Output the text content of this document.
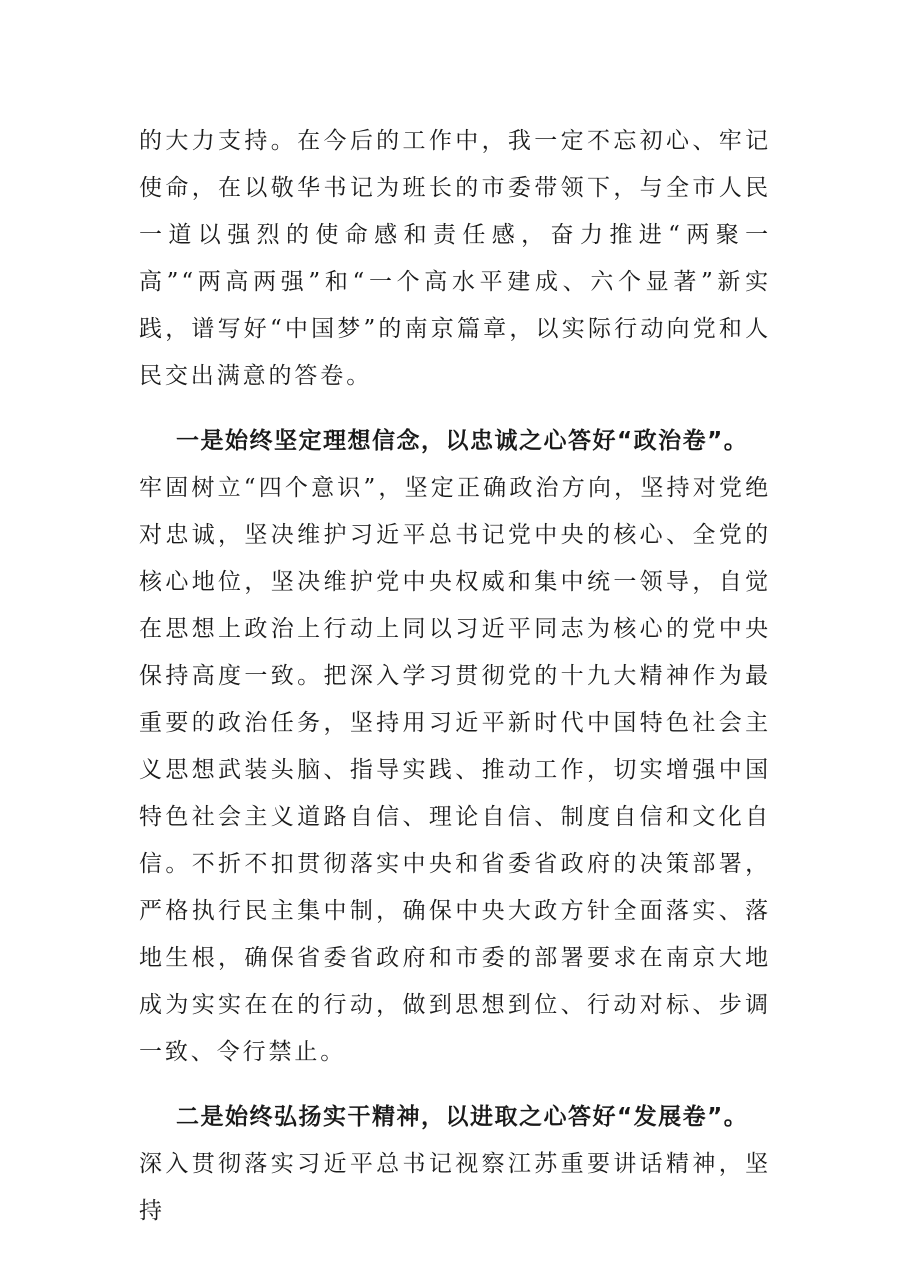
的大力支持。在今后的工作中，我一定不忘初心、牢记使命，在以敬华书记为班长的市委带领下，与全市人民一道以强烈的使命感和责任感，奋力推进“两聚一高”“两高两强”和“一个高水平建成、六个显著”新实践，谱写好“中国梦”的南京篇章，以实际行动向党和人民交出满意的答卷。

一是始终坚定理想信念，以忠诚之心答好“政治卷”。

牢固树立“四个意识”，坚定正确政治方向，坚持对党绝对忠诚，坚决维护习近平总书记党中央的核心、全党的核心地位，坚决维护党中央权威和集中统一领导，自觉在思想上政治上行动上同以习近平同志为核心的党中央保持高度一致。把深入学习贯彻党的十九大精神作为最重要的政治任务，坚持用习近平新时代中国特色社会主义思想武装头脑、指导实践、推动工作，切实增强中国特色社会主义道路自信、理论自信、制度自信和文化自信。不折不扣贯彻落实中央和省委省政府的决策部署，严格执行民主集中制，确保中央大政方针全面落实、落地生根，确保省委省政府和市委的部署要求在南京大地成为实实在在的行动，做到思想到位、行动对标、步调一致、令行禁止。

二是始终弘扬实干精神，以进取之心答好“发展卷”。

深入贯彻落实习近平总书记视察江苏重要讲话精神，坚持
